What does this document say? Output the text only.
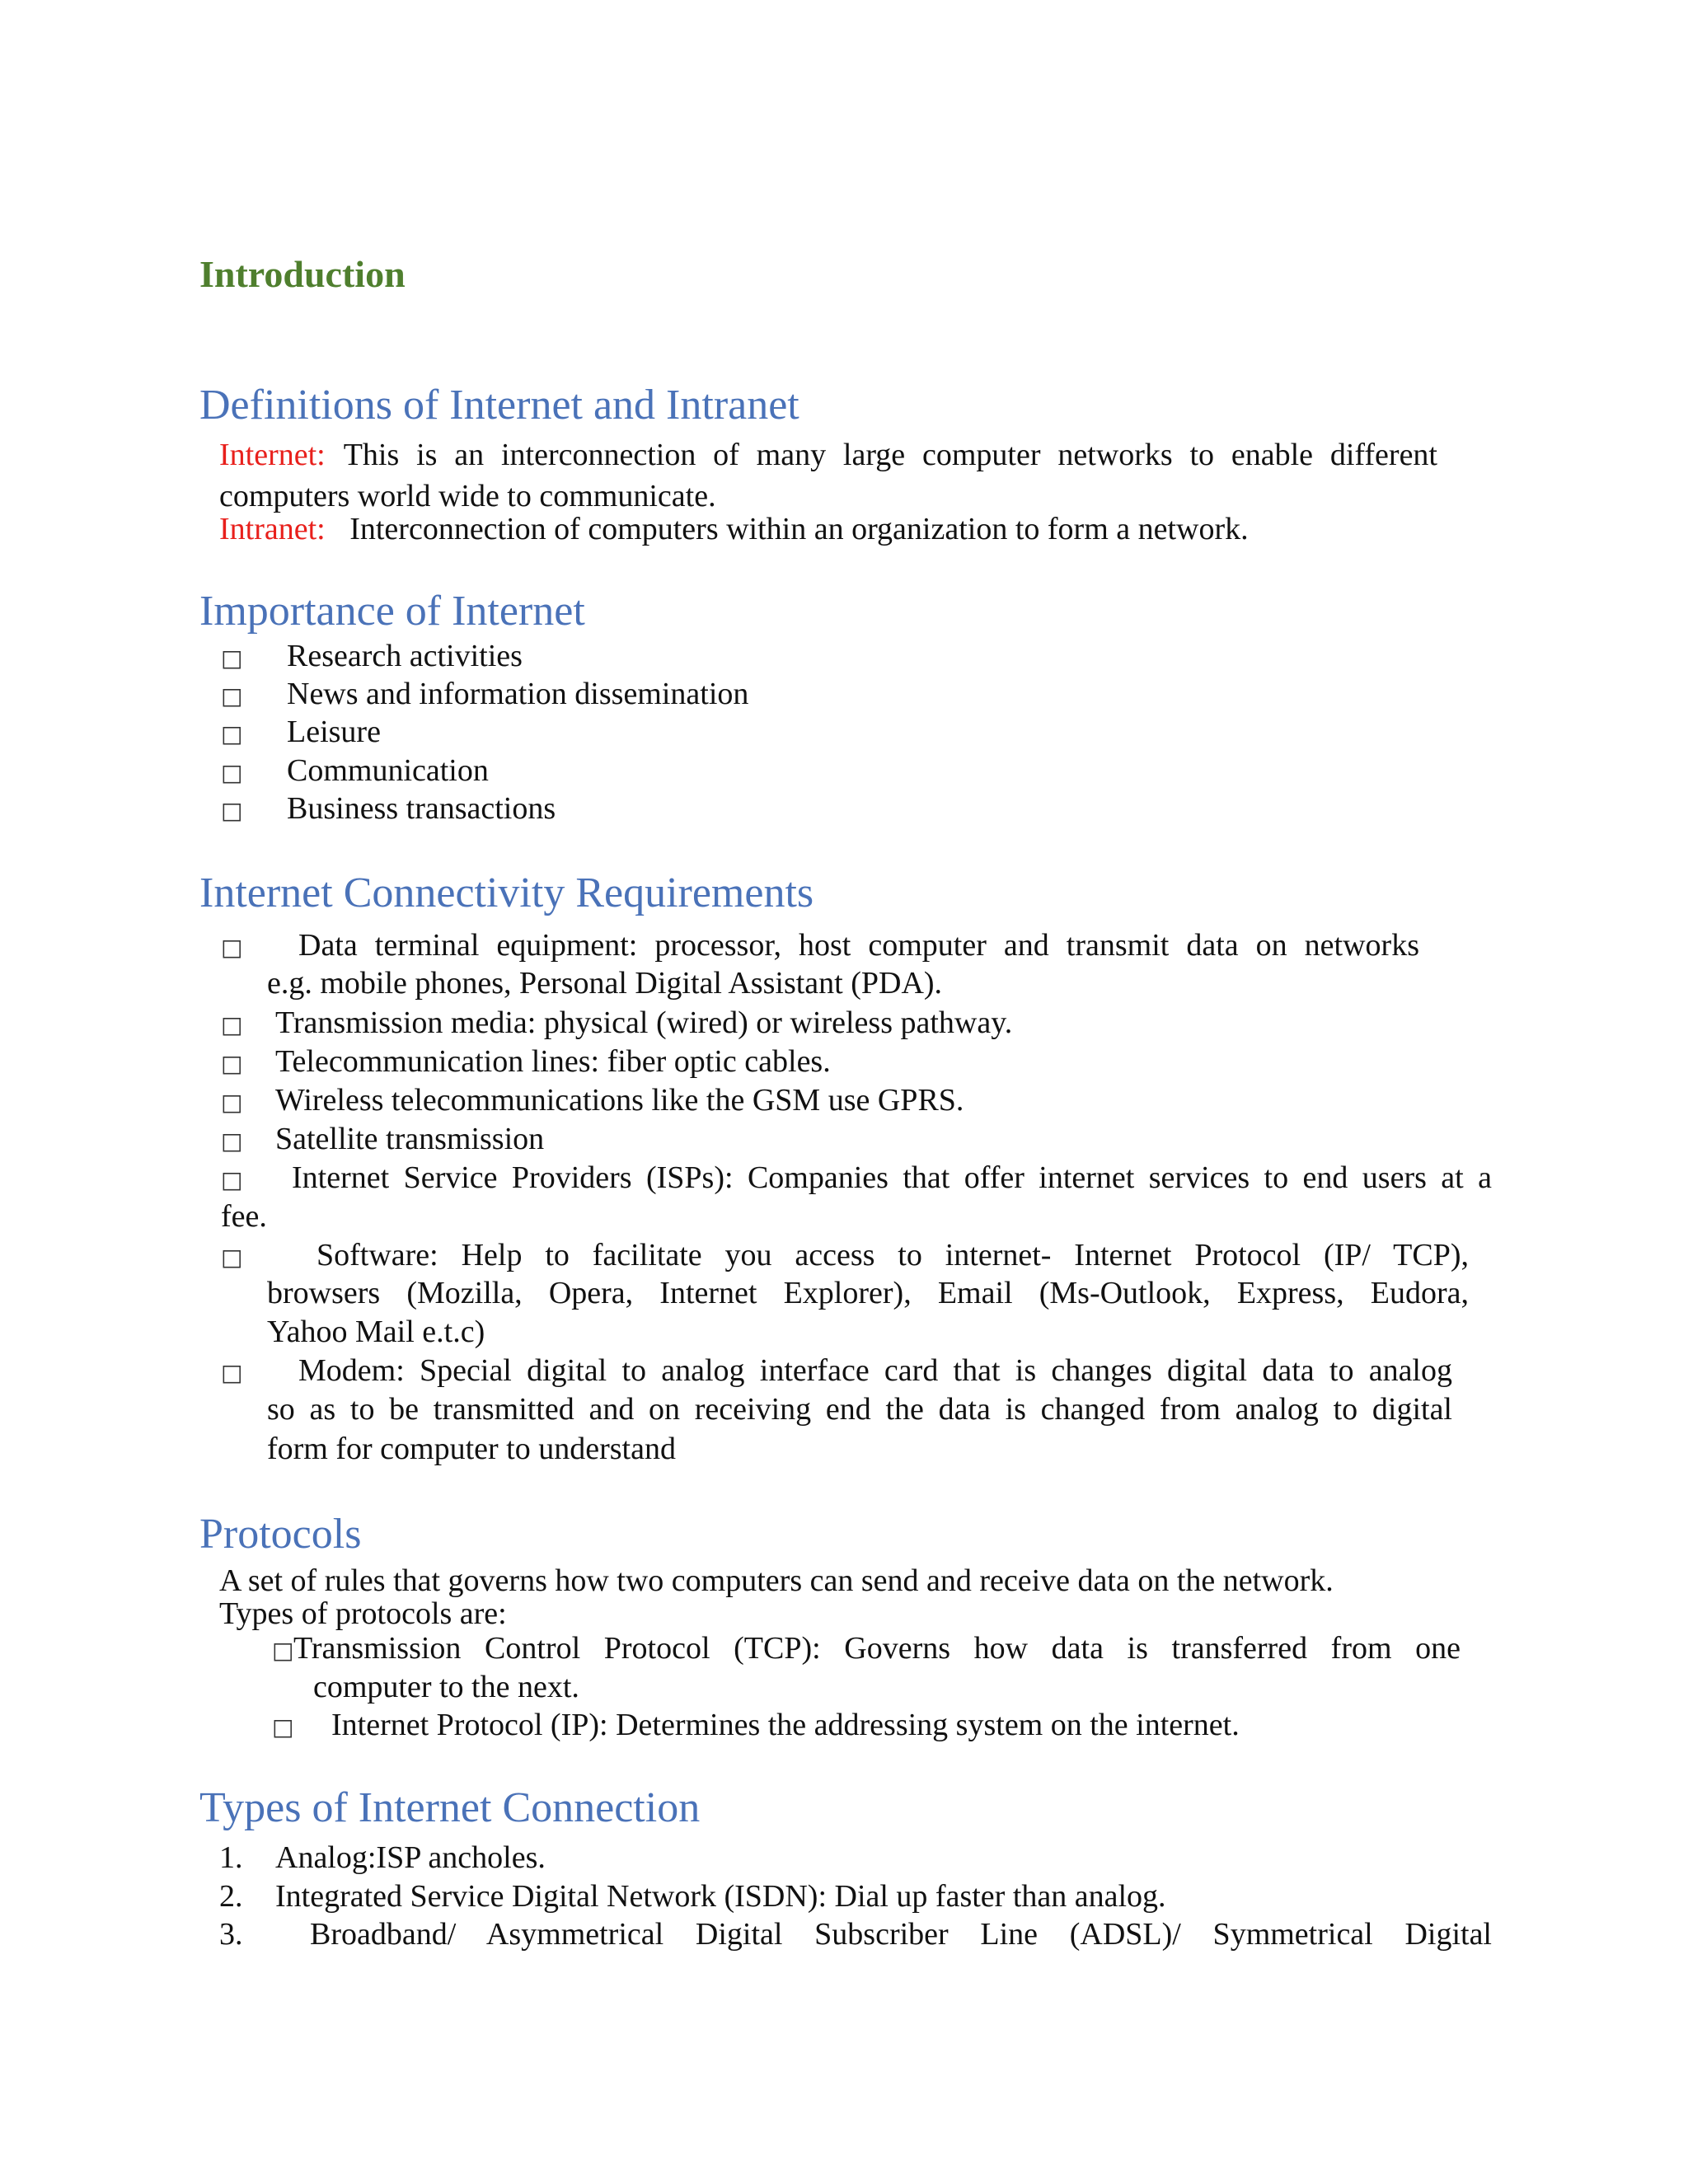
Introduction

Definitions of Internet and Intranet
Internet: This is an interconnection of many large computer networks to enable different

computers world wide to communicate.

Intranet: Interconnection of computers within an organization to form a network.

Importance of Internet
□ Research activities

□ News and information dissemination

□ Leisure

□ Communication

□ Business transactions

Internet Connectivity Requirements
□ Data terminal equipment: processor, host computer and transmit data on networks

e.g. mobile phones, Personal Digital Assistant (PDA).

□ Transmission media: physical (wired) or wireless pathway.

□ Telecommunication lines: fiber optic cables.

□ Wireless telecommunications like the GSM use GPRS.

□ Satellite transmission

□ Internet Service Providers (ISPs): Companies that offer internet services to end users at a

fee.

□ Software: Help to facilitate you access to internet- Internet Protocol (IP/ TCP),

browsers (Mozilla, Opera, Internet Explorer), Email (Ms-Outlook, Express, Eudora,

Yahoo Mail e.t.c)

□ Modem: Special digital to analog interface card that is changes digital data to analog

so as to be transmitted and on receiving end the data is changed from analog to digital

form for computer to understand

Protocols

A set of rules that governs how two computers can send and receive data on the network.

Types of protocols are:

□ Transmission Control Protocol (TCP): Governs how data is transferred from one

computer to the next.

□ Internet Protocol (IP): Determines the addressing system on the internet.

Types of Internet Connection

1. Analog:ISP ancholes.

2. Integrated Service Digital Network (ISDN): Dial up faster than analog.

3. Broadband/ Asymmetrical Digital Subscriber Line (ADSL)/ Symmetrical Digital
